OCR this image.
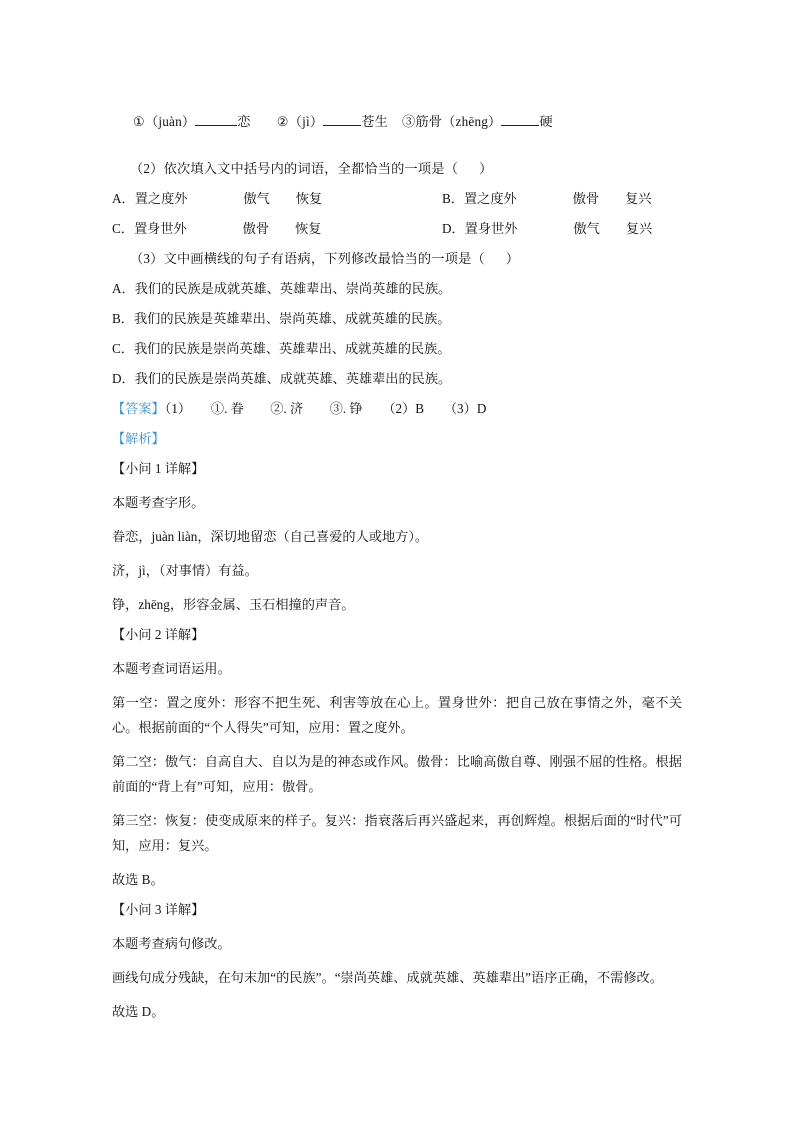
①（juàn）	恋 ②（jì）	苍生 ③筋骨（zhēng）	硬

（2）依次填入文中括号内的词语，全都恰当的一项是（      ）
A．置之度外	傲气 恢复	B．置之度外	傲骨 复兴
C．置身世外	傲骨 恢复	D．置身世外	傲气 复兴
（3）文中画横线的句子有语病，下列修改最恰当的一项是（      ）
A．我们的民族是成就英雄、英雄辈出、崇尚英雄的民族。
B．我们的民族是英雄辈出、崇尚英雄、成就英雄的民族。
C．我们的民族是崇尚英雄、英雄辈出、成就英雄的民族。
D．我们的民族是崇尚英雄、成就英雄、英雄辈出的民族。
【答案】（1）　　①. 眷　　②. 济　　③. 铮　　（2）B　　（3）D
【解析】
【小问 1 详解】
本题考查字形。
眷恋，juàn liàn，深切地留恋（自己喜爱的人或地方）。
济，jì，（对事情）有益。
铮，zhēng，形容金属、玉石相撞的声音。
【小问 2 详解】
本题考查词语运用。
第一空：置之度外：形容不把生死、利害等放在心上。置身世外：把自己放在事情之外，毫不关心。根据前面的“个人得失”可知，应用：置之度外。
第二空：傲气：自高自大、自以为是的神态或作风。傲骨：比喻高傲自尊、刚强不屈的性格。根据前面的“背上有”可知，应用：傲骨。
第三空：恢复：使变成原来的样子。复兴：指衰落后再兴盛起来，再创辉煌。根据后面的“时代”可知，应用：复兴。
故选 B。
【小问 3 详解】
本题考查病句修改。
画线句成分残缺，在句末加“的民族”。“崇尚英雄、成就英雄、英雄辈出”语序正确，不需修改。
故选 D。
